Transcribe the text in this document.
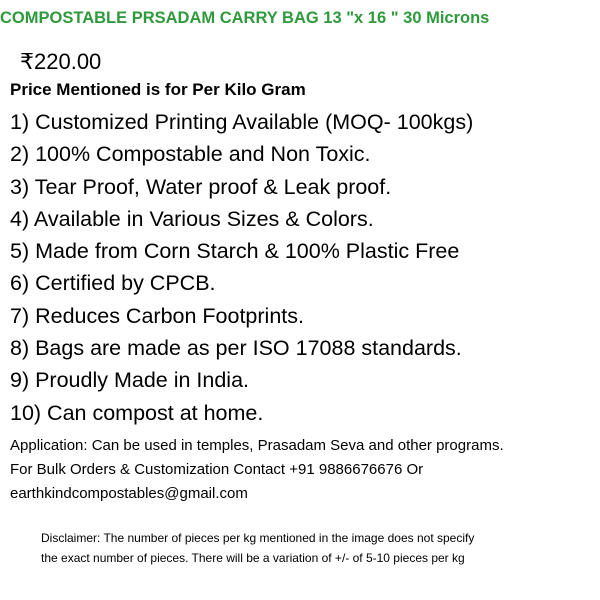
COMPOSTABLE PRSADAM CARRY BAG 13 "x 16 " 30 Microns
₹220.00
Price Mentioned is for Per Kilo Gram
1) Customized Printing Available (MOQ- 100kgs)
2) 100% Compostable and Non Toxic.
3) Tear Proof, Water proof & Leak proof.
4) Available in Various Sizes & Colors.
5) Made from Corn Starch & 100% Plastic Free
6) Certified by CPCB.
7) Reduces Carbon Footprints.
8) Bags are made as per ISO 17088 standards.
9) Proudly Made in India.
10) Can compost at home.
Application: Can be used in temples, Prasadam Seva and other programs.
For Bulk Orders & Customization Contact +91 9886676676 Or
earthkindcompostables@gmail.com
Disclaimer: The number of pieces per kg mentioned in the image does not specify
the exact number of pieces. There will be a variation of +/- of 5-10 pieces per kg
